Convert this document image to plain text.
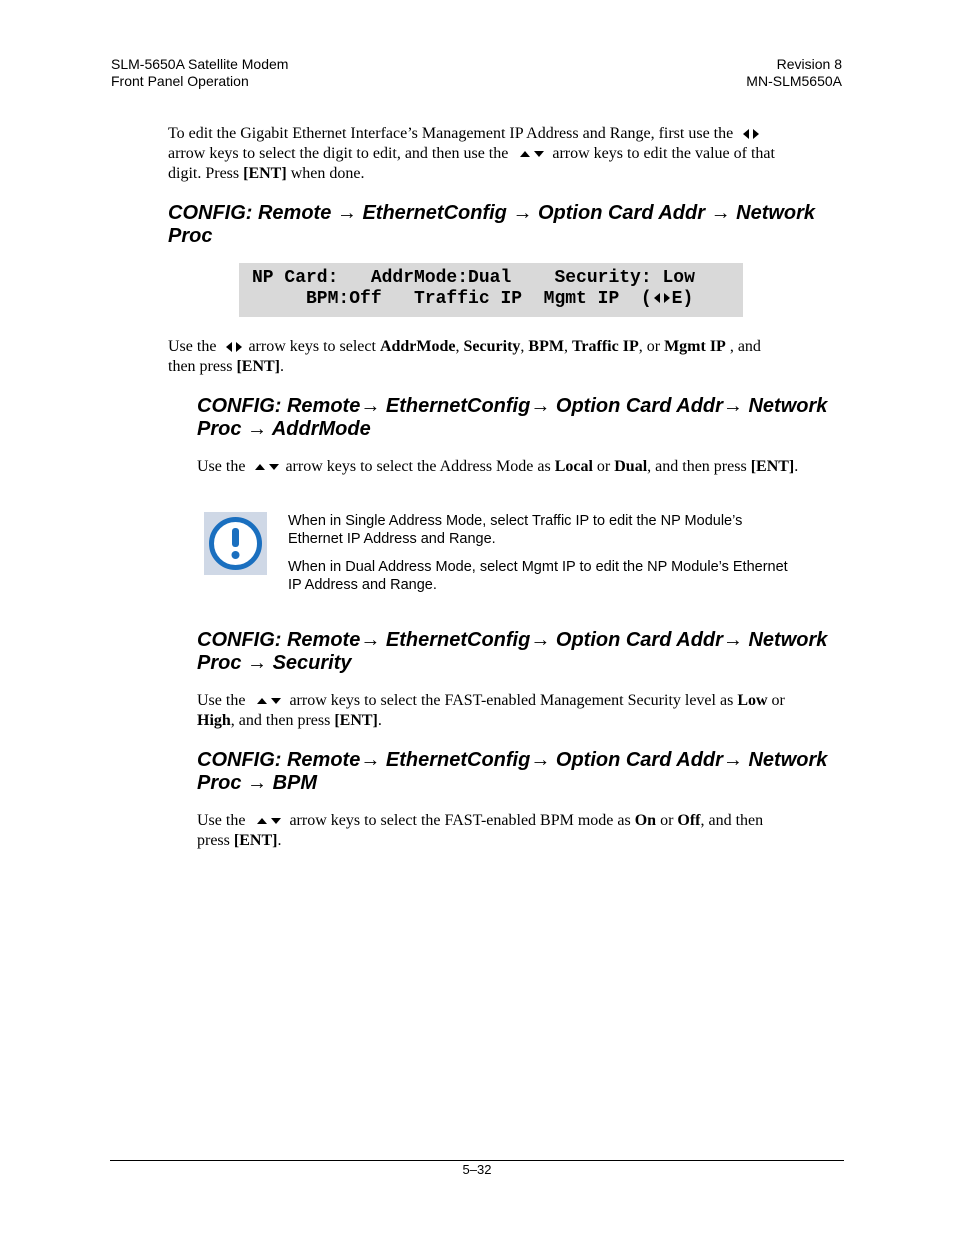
SLM-5650A Satellite Modem
Front Panel Operation
Revision 8
MN-SLM5650A
To edit the Gigabit Ethernet Interface’s Management IP Address and Range, first use the
arrow keys to select the digit to edit, and then use the	arrow keys to edit the value of that
digit. Press [ENT] when done.
CONFIG: Remote → EthernetConfig → Option Card Addr → Network
Proc
NP Card:   AddrMode:Dual    Security: Low
BPM:Off   Traffic IP  Mgmt IP  ( E)
Use the arrow keys to select AddrMode, Security, BPM, Traffic IP, or Mgmt IP , and
then press [ENT].
CONFIG: Remote→ EthernetConfig→ Option Card Addr→ Network
Proc → AddrMode
Use the	arrow keys to select the Address Mode as Local or Dual, and then press [ENT].
When in Single Address Mode, select Traffic IP to edit the NP Module’s
Ethernet IP Address and Range.
When in Dual Address Mode, select Mgmt IP to edit the NP Module’s Ethernet
IP Address and Range.
CONFIG: Remote→ EthernetConfig→ Option Card Addr→ Network
Proc → Security
Use the	arrow keys to select the FAST-enabled Management Security level as Low or
High, and then press [ENT].
CONFIG: Remote→ EthernetConfig→ Option Card Addr→ Network
Proc → BPM
Use the	arrow keys to select the FAST-enabled BPM mode as On or Off, and then
press [ENT].
5–32
